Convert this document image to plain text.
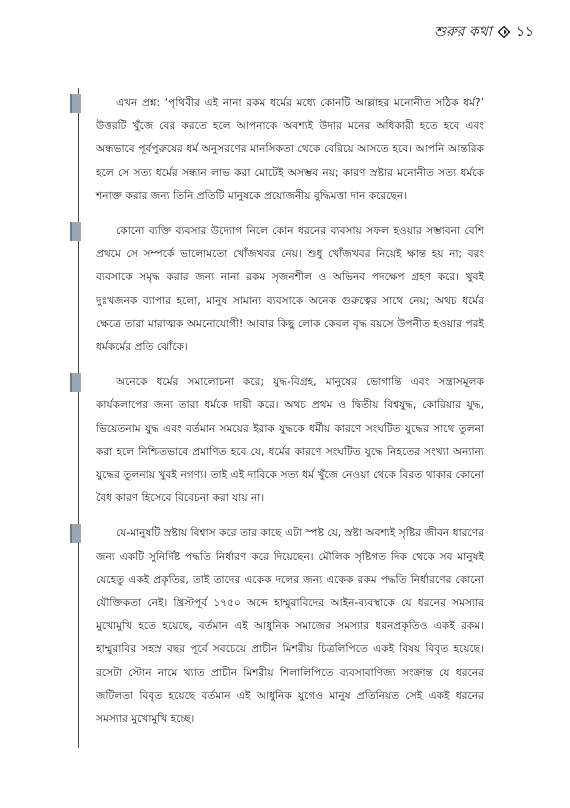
শুরুর কথা ১১

এখন প্রশ্ন: ‘পৃথিবীর এই নানা রকম ধর্মের মধ্যে কোনটি আল্লাহর মনোনীত সঠিক ধর্ম?’ উত্তরটি খুঁজে বের করতে হলে আপনাকে অবশ্যই উদার মনের অধিকারী হতে হবে এবং অন্ধভাবে পূর্বপুরুষের ধর্ম অনুসরণের মানসিকতা থেকে বেরিয়ে আসতে হবে। আপনি আন্তরিক হলে সে সত্য ধর্মের সন্ধান লাভ করা মোটেই অসম্ভব নয়; কারণ স্রষ্টার মনোনীত সত্য ধর্মকে শনাক্ত করার জন্য তিনি প্রতিটি মানুষকে প্রয়োজনীয় বুদ্ধিমত্তা দান করেছেন।

কোনো ব্যক্তি ব্যবসার উদ্যোগ নিলে কোন ধরনের ব্যবসায় সফল হওয়ার সম্ভাবনা বেশি প্রথমে সে সম্পর্কে ভালোমতো খোঁজখবর নেয়। শুধু খোঁজখবর নিয়েই ক্ষান্ত হয় না; বরং ব্যবসাকে সমৃদ্ধ করার জন্য নানা রকম সৃজনশীল ও অভিনব পদক্ষেপ গ্রহণ করে। খুবই দুঃখজনক ব্যাপার হলো, মানুষ সামান্য ব্যবসাকে অনেক গুরুত্বের সাথে নেয়; অথচ ধর্মের ক্ষেত্রে তারা মারাত্মক অমনোযোগী! আবার কিছু লোক কেবল বৃদ্ধ বয়সে উপনীত হওয়ার পরই ধর্মকর্মের প্রতি ঝোঁকে।

অনেকে ধর্মের সমালোচনা করে; যুদ্ধ-বিগ্রহ, মানুষের ভোগান্তি এবং সন্ত্রাসমূলক কার্যকলাপের জন্য তারা ধর্মকে দায়ী করে। অথচ প্রথম ও দ্বিতীয় বিশ্বযুদ্ধ, কোরিয়ার যুদ্ধ, ভিয়েতনাম যুদ্ধ এবং বর্তমান সময়ের ইরাক যুদ্ধকে ধর্মীয় কারণে সংঘটিত যুদ্ধের সাথে তুলনা করা হলে নিশ্চিতভাবে প্রমাণিত হবে যে, ধর্মের কারণে সংঘটিত যুদ্ধে নিহতের সংখ্যা অন্যান্য যুদ্ধের তুলনায় খুবই নগণ্য। তাই এই দাবিকে সত্য ধর্ম খুঁজে নেওয়া থেকে বিরত থাকার কোনো বৈধ কারণ হিসেবে বিবেচনা করা যায় না।

যে-মানুষটি স্রষ্টায় বিশ্বাস করে তার কাছে এটা স্পষ্ট যে, স্রষ্টা অবশ্যই সৃষ্টির জীবন ধারণের জন্য একটি সুনির্দিষ্ট পদ্ধতি নির্ধারণ করে দিয়েছেন। মৌলিক সৃষ্টিগত দিক থেকে সব মানুষই যেহেতু একই প্রকৃতির, তাই তাদের একেক দলের জন্য একেক রকম পদ্ধতি নির্ধারণের কোনো যৌক্তিকতা নেই। খ্রিস্টপূর্ব ১৭৫০ অব্দে হাম্মুরাবিদের আইন-ব্যবস্থাকে যে ধরনের সমস্যার মুখোমুখি হতে হয়েছে, বর্তমান এই আধুনিক সমাজের সমস্যার ধরনপ্রকৃতিও একই রকম। হাম্মুরাবির সহস্র বছর পূর্বে সবচেয়ে প্রাচীন মিশরীয় চিত্রলিপিতে একই বিষয় বিবৃত হয়েছে। রসেটা স্টোন নামে খ্যাত প্রাচীন মিশরীয় শিলালিপিতে ব্যবসাবাণিজ্য সংক্রান্ত যে ধরনের জটিলতা বিবৃত হয়েছে বর্তমান এই আধুনিক যুগেও মানুষ প্রতিনিয়ত সেই একই ধরনের সমস্যার মুখোমুখি হচ্ছে।
